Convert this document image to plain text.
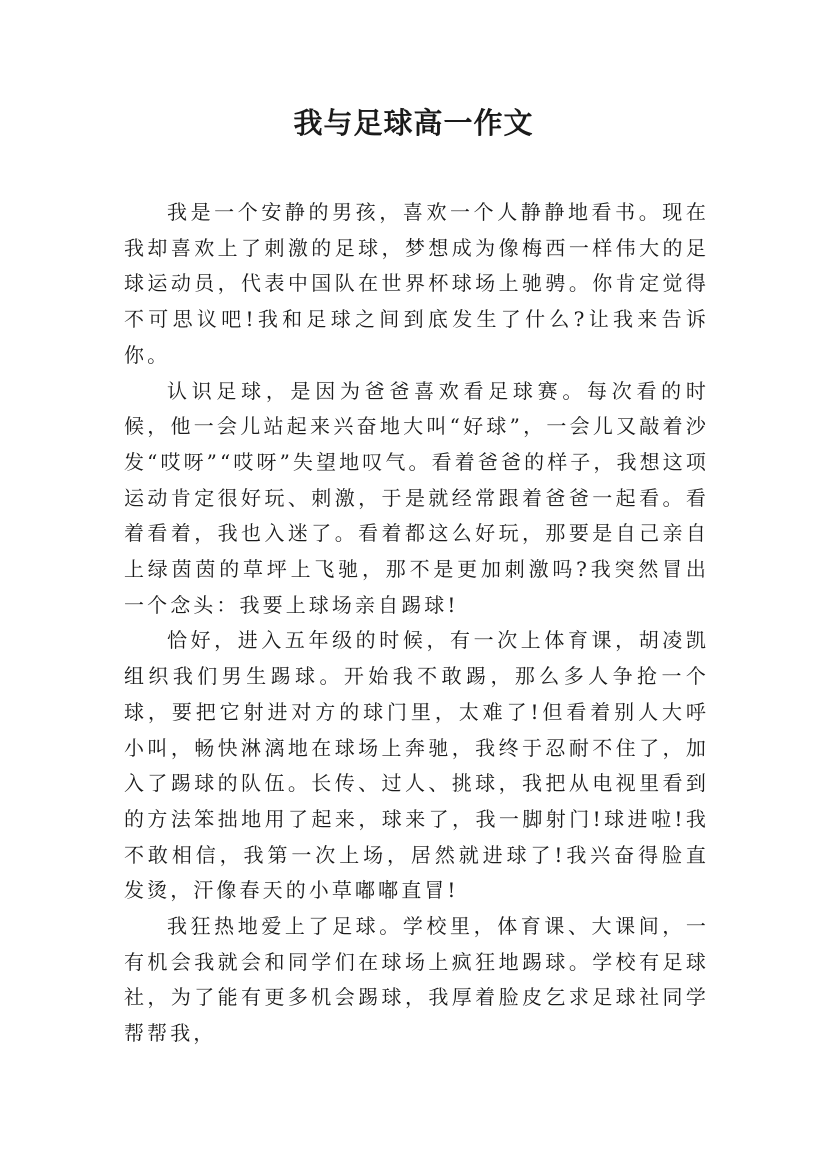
我与足球高一作文

我是一个安静的男孩，喜欢一个人静静地看书。现在我却喜欢上了刺激的足球，梦想成为像梅西一样伟大的足球运动员，代表中国队在世界杯球场上驰骋。你肯定觉得不可思议吧!我和足球之间到底发生了什么?让我来告诉你。

认识足球，是因为爸爸喜欢看足球赛。每次看的时候，他一会儿站起来兴奋地大叫“好球”，一会儿又敲着沙发“哎呀”“哎呀”失望地叹气。看着爸爸的样子，我想这项运动肯定很好玩、刺激，于是就经常跟着爸爸一起看。看着看着，我也入迷了。看着都这么好玩，那要是自己亲自上绿茵茵的草坪上飞驰，那不是更加刺激吗?我突然冒出一个念头：我要上球场亲自踢球!

恰好，进入五年级的时候，有一次上体育课，胡凌凯组织我们男生踢球。开始我不敢踢，那么多人争抢一个球，要把它射进对方的球门里，太难了!但看着别人大呼小叫，畅快淋漓地在球场上奔驰，我终于忍耐不住了，加入了踢球的队伍。长传、过人、挑球，我把从电视里看到的方法笨拙地用了起来，球来了，我一脚射门!球进啦!我不敢相信，我第一次上场，居然就进球了!我兴奋得脸直发烫，汗像春天的小草嘟嘟直冒!

我狂热地爱上了足球。学校里，体育课、大课间，一有机会我就会和同学们在球场上疯狂地踢球。学校有足球社，为了能有更多机会踢球，我厚着脸皮乞求足球社同学帮帮我，
